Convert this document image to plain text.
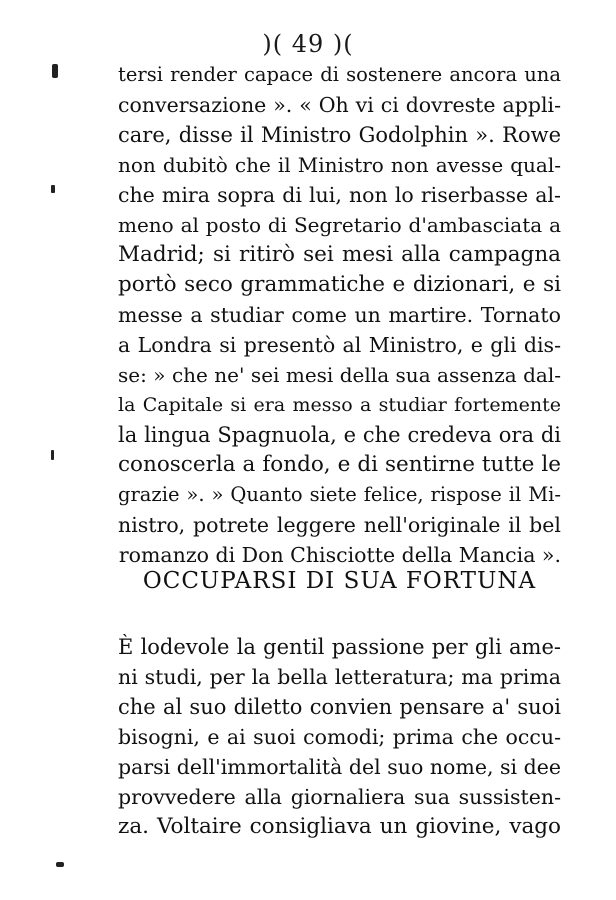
)( 49 )(
tersi render capace di sostenere ancora una
conversazione ». « Oh vi ci dovreste appli-
care, disse il Ministro Godolphin ». Rowe
non dubitò che il Ministro non avesse qual-
che mira sopra di lui, non lo riserbasse al-
meno al posto di Segretario d'ambasciata a
Madrid; si ritirò sei mesi alla campagna
portò seco grammatiche e dizionari, e si
messe a studiar come un martire. Tornato
a Londra si presentò al Ministro, e gli dis-
se: » che ne' sei mesi della sua assenza dal-
la Capitale si era messo a studiar fortemente
la lingua Spagnuola, e che credeva ora di
conoscerla a fondo, e di sentirne tutte le
grazie ». » Quanto siete felice, rispose il Mi-
nistro, potrete leggere nell'originale il bel
romanzo di Don Chisciotte della Mancia ».
OCCUPARSI DI SUA FORTUNA
È lodevole la gentil passione per gli ame-
ni studi, per la bella letteratura; ma prima
che al suo diletto convien pensare a' suoi
bisogni, e ai suoi comodi; prima che occu-
parsi dell'immortalità del suo nome, si dee
provvedere alla giornaliera sua sussisten-
za. Voltaire consigliava un giovine, vago
